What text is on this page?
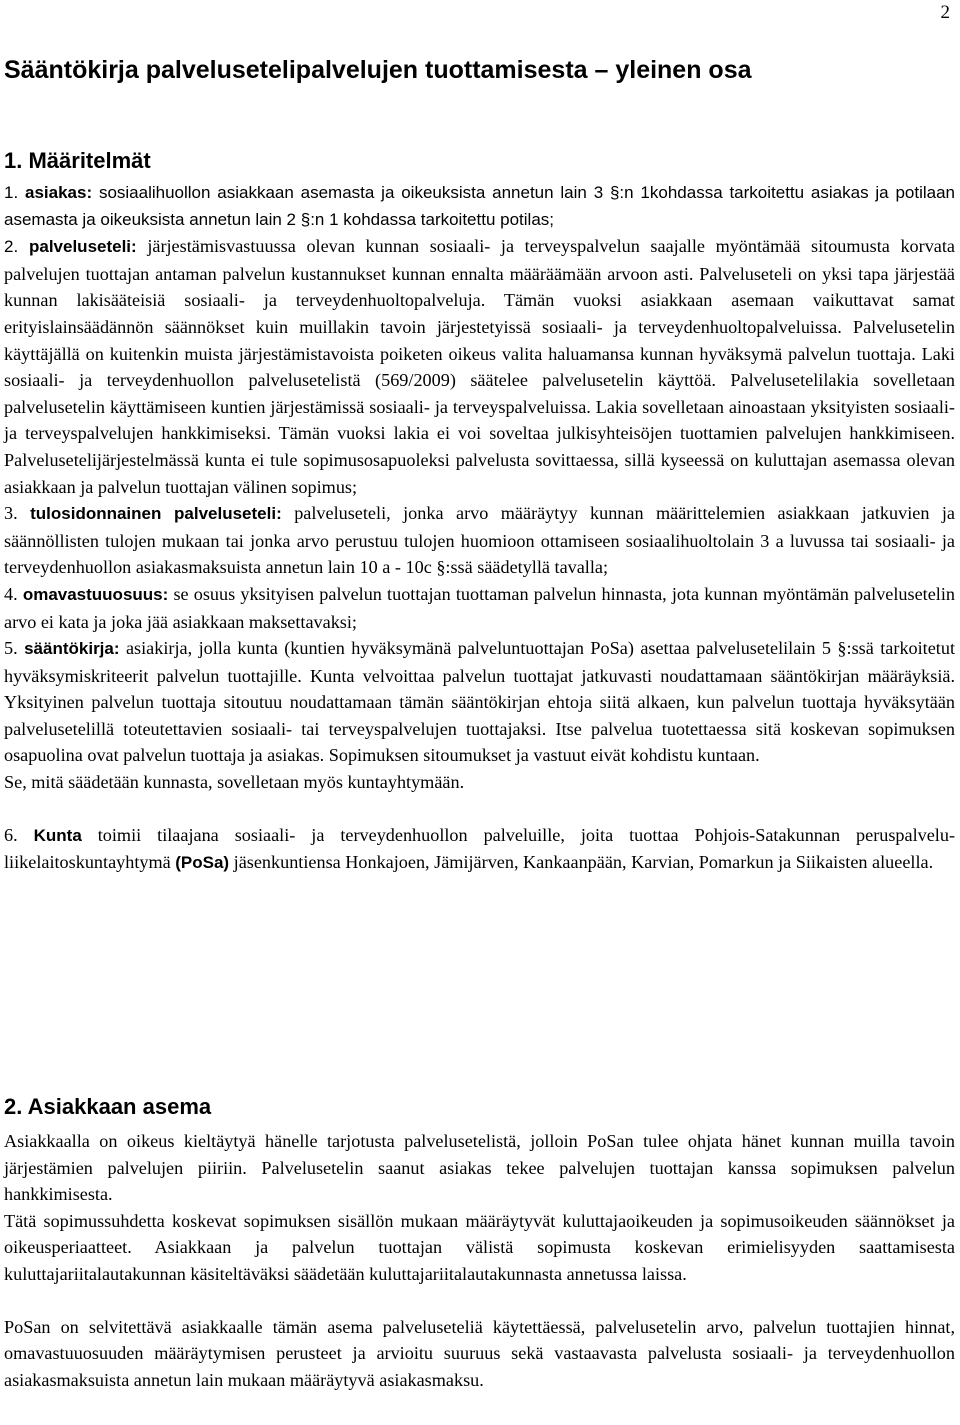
2
Sääntökirja palvelusetelipalvelujen tuottamisesta – yleinen osa
1. Määritelmät

1. asiakas: sosiaalihuollon asiakkaan asemasta ja oikeuksista annetun lain 3 §:n 1kohdassa tarkoitettu asiakas ja potilaan asemasta ja oikeuksista annetun lain 2 §:n 1 kohdassa tarkoitettu potilas;

2. palveluseteli: järjestämisvastuussa olevan kunnan sosiaali- ja terveyspalvelun saajalle myöntämää sitoumusta korvata palvelujen tuottajan antaman palvelun kustannukset kunnan ennalta määräämään arvoon asti. Palveluseteli on yksi tapa järjestää kunnan lakisääteisiä sosiaali- ja terveydenhuoltopalveluja. Tämän vuoksi asiakkaan asemaan vaikuttavat samat erityislainsäädännön säännökset kuin muillakin tavoin järjestetyissä sosiaali- ja terveydenhuoltopalveluissa. Palvelusetelin käyttäjällä on kuitenkin muista järjestämistavoista poiketen oikeus valita haluamansa kunnan hyväksymä palvelun tuottaja. Laki sosiaali- ja terveydenhuollon palvelusetelistä (569/2009) säätelee palvelusetelin käyttöä. Palvelusetelilakia sovelletaan palvelusetelin käyttämiseen kuntien järjestämissä sosiaali- ja terveyspalveluissa. Lakia sovelletaan ainoastaan yksityisten sosiaali- ja terveyspalvelujen hankkimiseksi. Tämän vuoksi lakia ei voi soveltaa julkisyhteisöjen tuottamien palvelujen hankkimiseen. Palvelusetelijärjestelmässä kunta ei tule sopimusosapuoleksi palvelusta sovittaessa, sillä kyseessä on kuluttajan asemassa olevan asiakkaan ja palvelun tuottajan välinen sopimus;

3. tulosidonnainen palveluseteli: palveluseteli, jonka arvo määräytyy kunnan määrittelemien asiakkaan jatkuvien ja säännöllisten tulojen mukaan tai jonka arvo perustuu tulojen huomioon ottamiseen sosiaalihuoltolain 3 a luvussa tai sosiaali- ja terveydenhuollon asiakasmaksuista annetun lain 10 a - 10c §:ssä säädetyllä tavalla;

4. omavastuuosuus: se osuus yksityisen palvelun tuottajan tuottaman palvelun hinnasta, jota kunnan myöntämän palvelusetelin arvo ei kata ja joka jää asiakkaan maksettavaksi;

5. sääntökirja: asiakirja, jolla kunta (kuntien hyväksymänä palveluntuottajan PoSa) asettaa palvelusetelilain 5 §:ssä tarkoitetut hyväksymiskriteerit palvelun tuottajille. Kunta velvoittaa palvelun tuottajat jatkuvasti noudattamaan sääntökirjan määräyksiä. Yksityinen palvelun tuottaja sitoutuu noudattamaan tämän sääntökirjan ehtoja siitä alkaen, kun palvelun tuottaja hyväksytään palvelusetelillä toteutettavien sosiaali- tai terveyspalvelujen tuottajaksi. Itse palvelua tuotettaessa sitä koskevan sopimuksen osapuolina ovat palvelun tuottaja ja asiakas. Sopimuksen sitoumukset ja vastuut eivät kohdistu kuntaan.

Se, mitä säädetään kunnasta, sovelletaan myös kuntayhtymään.

6. Kunta toimii tilaajana sosiaali- ja terveydenhuollon palveluille, joita tuottaa Pohjois-Satakunnan peruspalvelu-liikelaitoskuntayhtymä (PoSa) jäsenkuntiensa Honkajoen, Jämijärven, Kankaanpään, Karvian, Pomarkun ja Siikaisten alueella.

2. Asiakkaan asema

Asiakkaalla on oikeus kieltäytyä hänelle tarjotusta palvelusetelistä, jolloin PoSan tulee ohjata hänet kunnan muilla tavoin järjestämien palvelujen piiriin. Palvelusetelin saanut asiakas tekee palvelujen tuottajan kanssa sopimuksen palvelun hankkimisesta.

Tätä sopimussuhdetta koskevat sopimuksen sisällön mukaan määräytyvät kuluttajaoikeuden ja sopimusoikeuden säännökset ja oikeusperiaatteet. Asiakkaan ja palvelun tuottajan välistä sopimusta koskevan erimielisyyden saattamisesta kuluttajariitalautakunnan käsiteltäväksi säädetään kuluttajariitalautakunnasta annetussa laissa.

PoSan on selvitettävä asiakkaalle tämän asema palveluseteliä käytettäessä, palvelusetelin arvo, palvelun tuottajien hinnat, omavastuuosuuden määräytymisen perusteet ja arvioitu suuruus sekä vastaavasta palvelusta sosiaali- ja terveydenhuollon asiakasmaksuista annetun lain mukaan määräytyvä asiakasmaksu.
